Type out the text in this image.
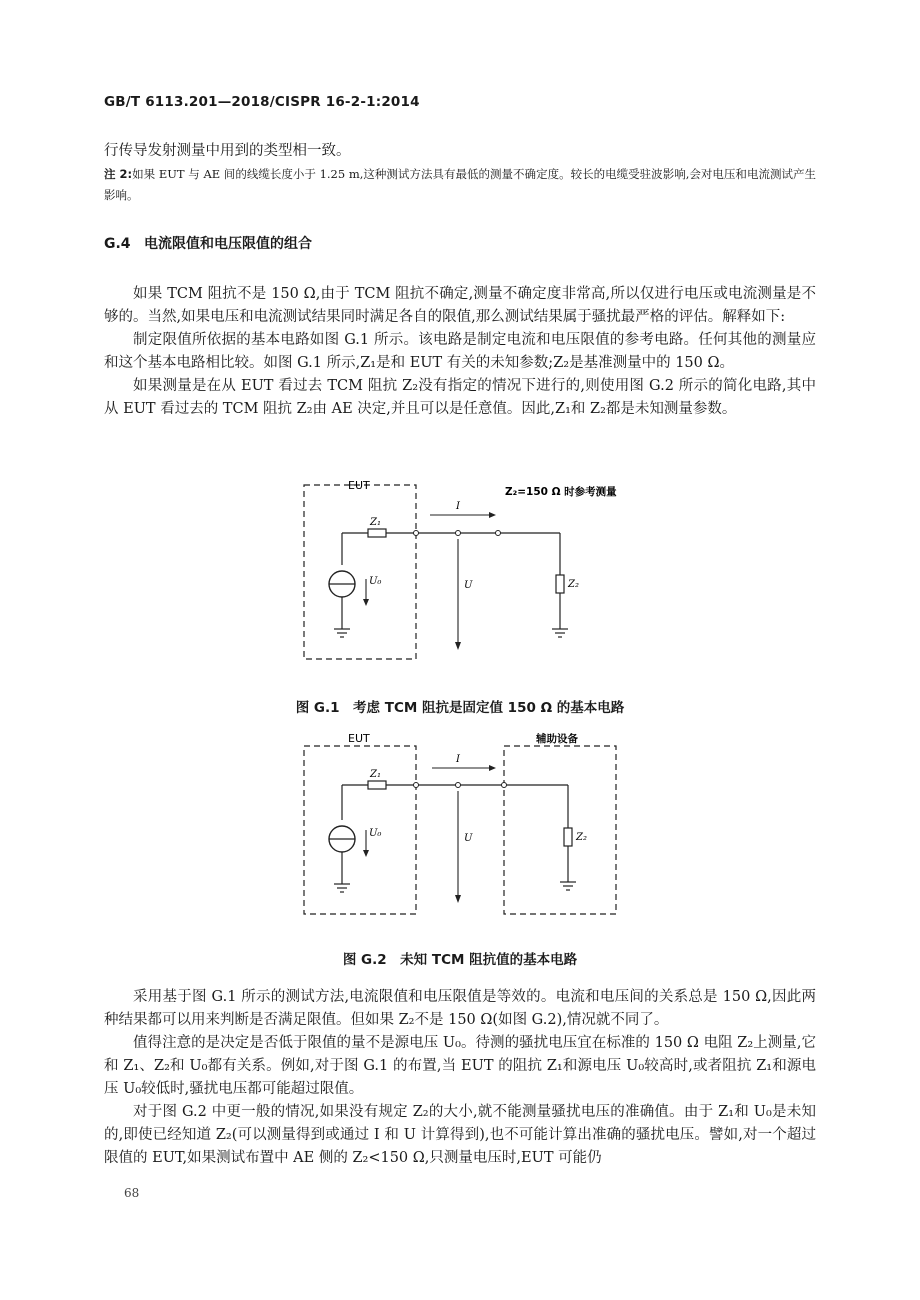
GB/T 6113.201—2018/CISPR 16-2-1:2014

行传导发射测量中用到的类型相一致。

注 2:如果 EUT 与 AE 间的线缆长度小于 1.25 m,这种测试方法具有最低的测量不确定度。较长的电缆受驻波影响,会对电压和电流测试产生影响。
G.4 电流限值和电压限值的组合

如果 TCM 阻抗不是 150 Ω,由于 TCM 阻抗不确定,测量不确定度非常高,所以仅进行电压或电流测量是不够的。当然,如果电压和电流测试结果同时满足各自的限值,那么测试结果属于骚扰最严格的评估。解释如下:

制定限值所依据的基本电路如图 G.1 所示。该电路是制定电流和电压限值的参考电路。任何其他的测量应和这个基本电路相比较。如图 G.1 所示,Z₁是和 EUT 有关的未知参数;Z₂是基准测量中的 150 Ω。

如果测量是在从 EUT 看过去 TCM 阻抗 Z₂没有指定的情况下进行的,则使用图 G.2 所示的简化电路,其中从 EUT 看过去的 TCM 阻抗 Z₂由 AE 决定,并且可以是任意值。因此,Z₁和 Z₂都是未知测量参数。

EUT	Z₂=150 Ω 时参考测量
Z₁
U₀
I
U	Z₂
图 G.1　考虑 TCM 阻抗是固定值 150 Ω 的基本电路
EUT	辅助设备
Z₁
U₀
I
U	Z₂
图 G.2　未知 TCM 阻抗值的基本电路

采用基于图 G.1 所示的测试方法,电流限值和电压限值是等效的。电流和电压间的关系总是 150 Ω,因此两种结果都可以用来判断是否满足限值。但如果 Z₂不是 150 Ω(如图 G.2),情况就不同了。

值得注意的是决定是否低于限值的量不是源电压 U₀。待测的骚扰电压宜在标准的 150 Ω 电阻 Z₂上测量,它和 Z₁、Z₂和 U₀都有关系。例如,对于图 G.1 的布置,当 EUT 的阻抗 Z₁和源电压 U₀较高时,或者阻抗 Z₁和源电压 U₀较低时,骚扰电压都可能超过限值。

对于图 G.2 中更一般的情况,如果没有规定 Z₂的大小,就不能测量骚扰电压的准确值。由于 Z₁和 U₀是未知的,即使已经知道 Z₂(可以测量得到或通过 I 和 U 计算得到),也不可能计算出准确的骚扰电压。譬如,对一个超过限值的 EUT,如果测试布置中 AE 侧的 Z₂<150 Ω,只测量电压时,EUT 可能仍

68
